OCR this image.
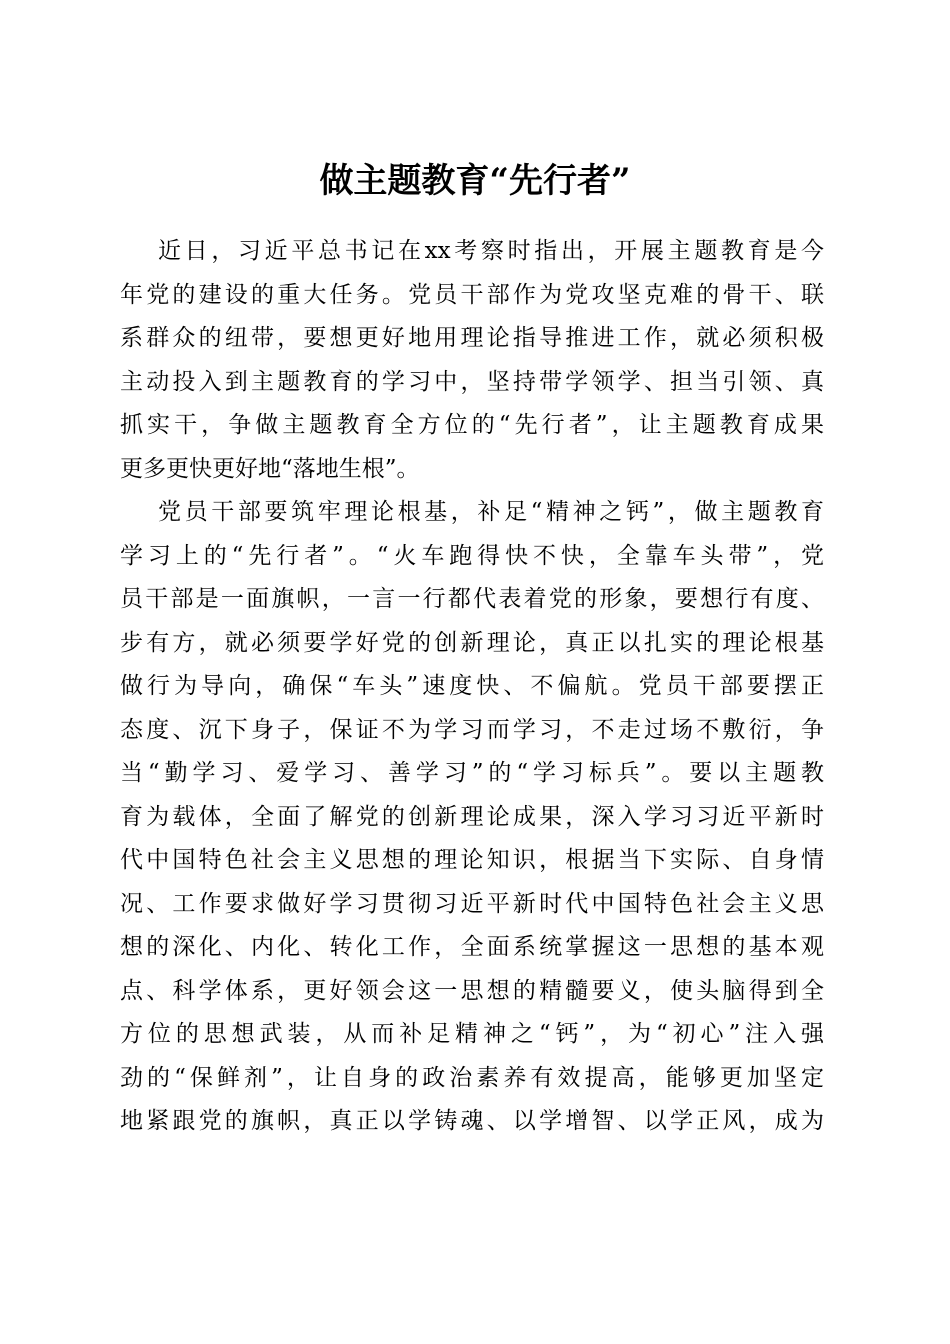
做主题教育“先行者”
近日，习近平总书记在xx考察时指出，开展主题教育是今
年党的建设的重大任务。党员干部作为党攻坚克难的骨干、联
系群众的纽带，要想更好地用理论指导推进工作，就必须积极
主动投入到主题教育的学习中，坚持带学领学、担当引领、真
抓实干，争做主题教育全方位的“先行者”，让主题教育成果
更多更快更好地“落地生根”。
党员干部要筑牢理论根基，补足“精神之钙”，做主题教育
学习上的“先行者”。“火车跑得快不快，全靠车头带”，党
员干部是一面旗帜，一言一行都代表着党的形象，要想行有度、
步有方，就必须要学好党的创新理论，真正以扎实的理论根基
做行为导向，确保“车头”速度快、不偏航。党员干部要摆正
态度、沉下身子，保证不为学习而学习，不走过场不敷衍，争
当“勤学习、爱学习、善学习”的“学习标兵”。要以主题教
育为载体，全面了解党的创新理论成果，深入学习习近平新时
代中国特色社会主义思想的理论知识，根据当下实际、自身情
况、工作要求做好学习贯彻习近平新时代中国特色社会主义思
想的深化、内化、转化工作，全面系统掌握这一思想的基本观
点、科学体系，更好领会这一思想的精髓要义，使头脑得到全
方位的思想武装，从而补足精神之“钙”，为“初心”注入强
劲的“保鲜剂”，让自身的政治素养有效提高，能够更加坚定
地紧跟党的旗帜，真正以学铸魂、以学增智、以学正风，成为
